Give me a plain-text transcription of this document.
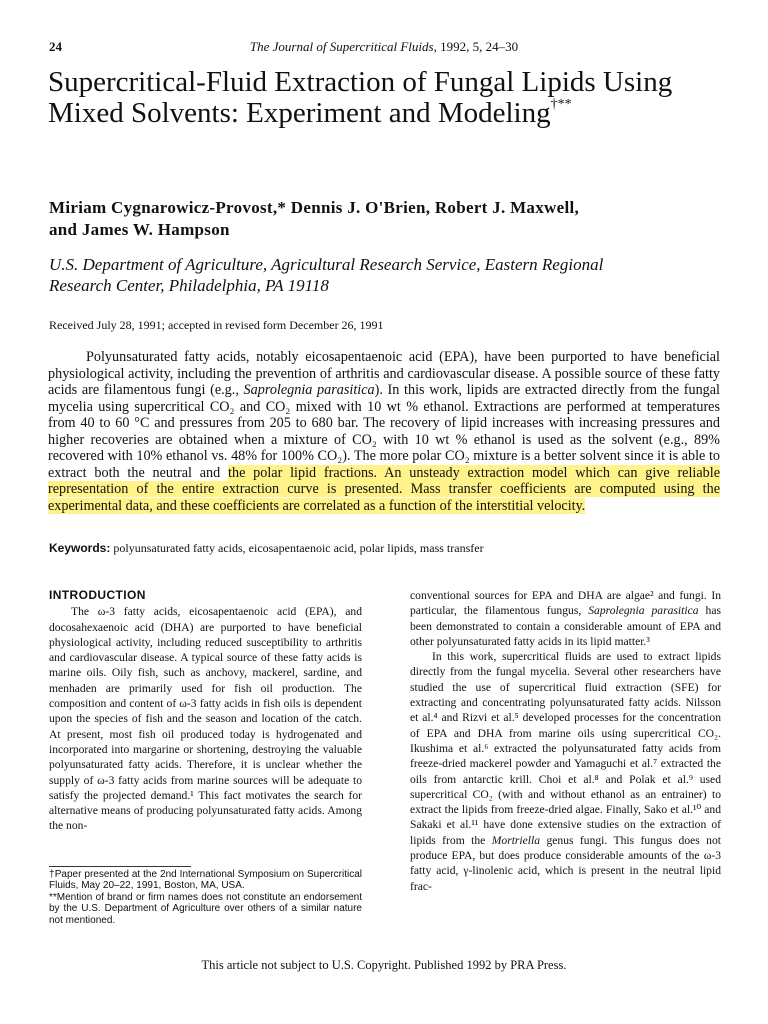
24	The Journal of Supercritical Fluids, 1992, 5, 24–30
Supercritical-Fluid Extraction of Fungal Lipids Using Mixed Solvents: Experiment and Modeling†**
Miriam Cygnarowicz-Provost,* Dennis J. O'Brien, Robert J. Maxwell,
and James W. Hampson
U.S. Department of Agriculture, Agricultural Research Service, Eastern Regional
Research Center, Philadelphia, PA 19118
Received July 28, 1991; accepted in revised form December 26, 1991

Polyunsaturated fatty acids, notably eicosapentaenoic acid (EPA), have been purported to have beneficial physiological activity, including the prevention of arthritis and cardiovascular disease. A possible source of these fatty acids are filamentous fungi (e.g., Saprolegnia parasitica). In this work, lipids are extracted directly from the fungal mycelia using supercritical CO₂ and CO₂ mixed with 10 wt % ethanol. Extractions are performed at temperatures from 40 to 60 °C and pressures from 205 to 680 bar. The recovery of lipid increases with increasing pressures and higher recoveries are obtained when a mixture of CO₂ with 10 wt % ethanol is used as the solvent (e.g., 89% recovered with 10% ethanol vs. 48% for 100% CO₂). The more polar CO₂ mixture is a better solvent since it is able to extract both the neutral and the polar lipid fractions. An unsteady extraction model which can give reliable representation of the entire extraction curve is presented. Mass transfer coefficients are computed using the experimental data, and these coefficients are correlated as a function of the interstitial velocity.

Keywords: polyunsaturated fatty acids, eicosapentaenoic acid, polar lipids, mass transfer
INTRODUCTION

The ω-3 fatty acids, eicosapentaenoic acid (EPA), and docosahexaenoic acid (DHA) are purported to have beneficial physiological activity, including reduced susceptibility to arthritis and cardiovascular disease. A typical source of these fatty acids is marine oils. Oily fish, such as anchovy, mackerel, sardine, and menhaden are primarily used for fish oil production. The composition and content of ω-3 fatty acids in fish oils is dependent upon the species of fish and the season and location of the catch. At present, most fish oil produced today is hydrogenated and incorporated into margarine or shortening, destroying the valuable polyunsaturated fatty acids. Therefore, it is unclear whether the supply of ω-3 fatty acids from marine sources will be adequate to satisfy the projected demand.¹ This fact motivates the search for alternative means of producing polyunsaturated fatty acids. Among the non-

†Paper presented at the 2nd International Symposium on Supercritical Fluids, May 20–22, 1991, Boston, MA, USA.

**Mention of brand or firm names does not constitute an endorsement by the U.S. Department of Agriculture over others of a similar nature not mentioned.

conventional sources for EPA and DHA are algae² and fungi. In particular, the filamentous fungus, Saprolegnia parasitica has been demonstrated to contain a considerable amount of EPA and other polyunsaturated fatty acids in its lipid matter.³

In this work, supercritical fluids are used to extract lipids directly from the fungal mycelia. Several other researchers have studied the use of supercritical fluid extraction (SFE) for extracting and concentrating polyunsaturated fatty acids. Nilsson et al.⁴ and Rizvi et al.⁵ developed processes for the concentration of EPA and DHA from marine oils using supercritical CO₂. Ikushima et al.⁶ extracted the polyunsaturated fatty acids from freeze-dried mackerel powder and Yamaguchi et al.⁷ extracted the oils from antarctic krill. Choi et al.⁸ and Polak et al.⁹ used supercritical CO₂ (with and without ethanol as an entrainer) to extract the lipids from freeze-dried algae. Finally, Sako et al.¹⁰ and Sakaki et al.¹¹ have done extensive studies on the extraction of lipids from the Mortriella genus fungi. This fungus does not produce EPA, but does produce considerable amounts of the ω-3 fatty acid, γ-linolenic acid, which is present in the neutral lipid frac-

This article not subject to U.S. Copyright. Published 1992 by PRA Press.
